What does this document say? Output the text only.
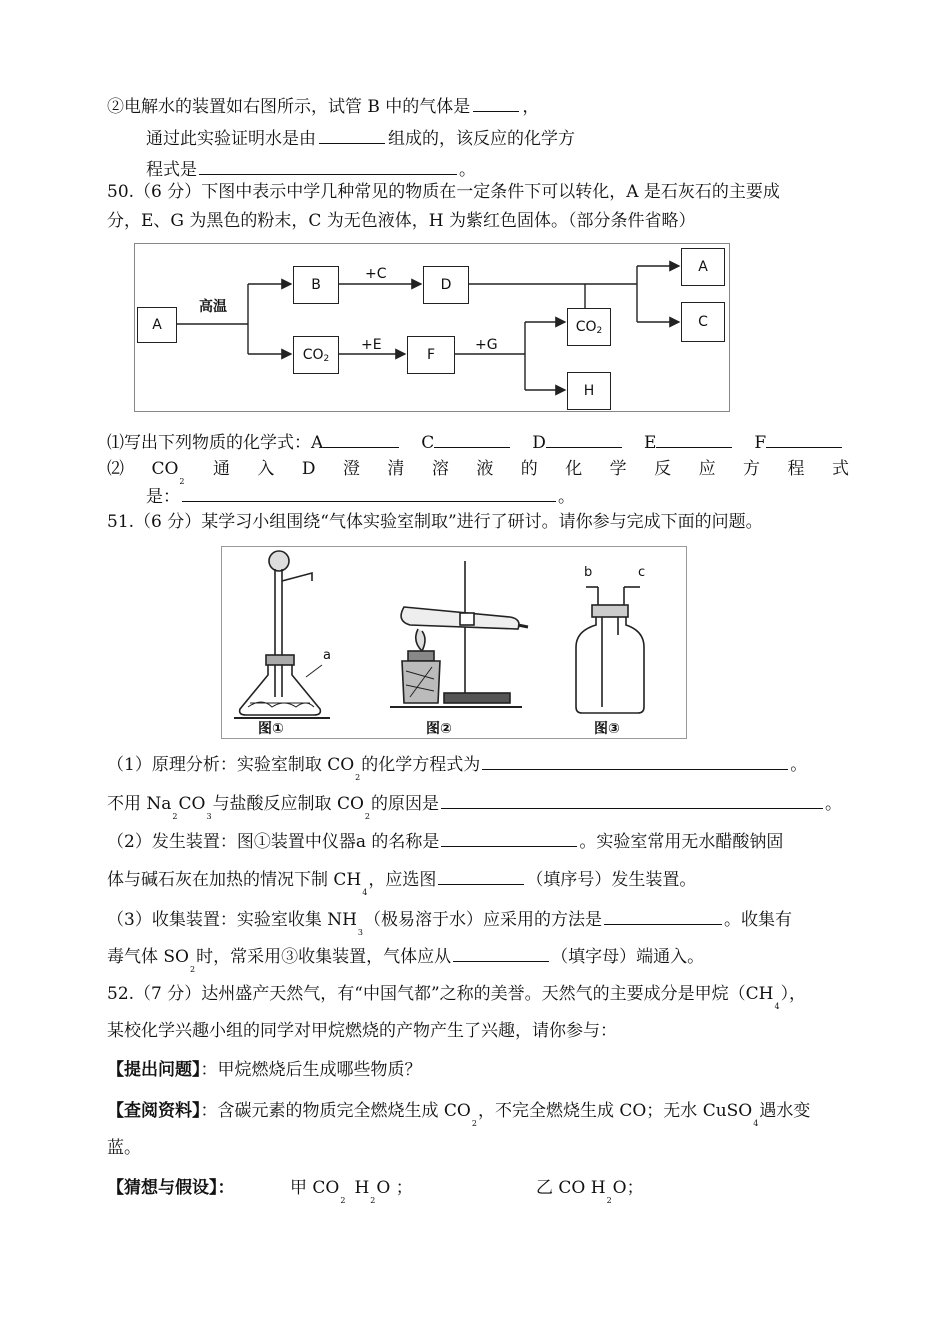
②电解水的装置如右图所示，试管 B 中的气体是	，
通过此实验证明水是由	组成的，该反应的化学方
程式是	。
50.（6 分）下图中表示中学几种常见的物质在一定条件下可以转化，A 是石灰石的主要成
分，E、G 为黑色的粉末，C 为无色液体，H 为紫红色固体。（部分条件省略）
A
B	D
CO 2	F
CO 2
H
A
C
高温
+C
+E	+G
⑴写出下列物质的化学式：A	C	D	E	F
⑵ $CO_2$
通 入 D 澄 清 溶 液 的 化 学 反 应 方 程 式
是：	。
51.（6 分）某学习小组围绕“气体实验室制取”进行了研讨。请你参与完成下面的问题。
a
b	c
图①	图②	图③
（1）原理分析：实验室制取 $CO_2$的化学方程式为	。
不用 $Na_2CO_3$与盐酸反应制取 $CO_2$的原因是	。
（2）发生装置：图①装置中仪器a 的名称是	。实验室常用无水醋酸钠固
体与碱石灰在加热的情况下制 $CH_4$，应选图	（填序号）发生装置。
（3）收集装置：实验室收集 $NH_3$（极易溶于水）应采用的方法是	。收集有
毒气体 $SO_2$时，常采用③收集装置，气体应从	（填字母）端通入。
52.（7 分）达州盛产天然气，有“中国气都”之称的美誉。天然气的主要成分是甲烷$(CH_4)$，
某校化学兴趣小组的同学对甲烷燃烧的产物产生了兴趣，请你参与：
【提出问题】：甲烷燃烧后生成哪些物质？
【查阅资料】：含碳元素的物质完全燃烧生成 $CO_2$，不完全燃烧生成 CO；无水 CuSO$_4$遇水变
蓝。
【猜想与假设】：	甲 $CO_2H_2O$ ；	乙 CO $H_2O$；
